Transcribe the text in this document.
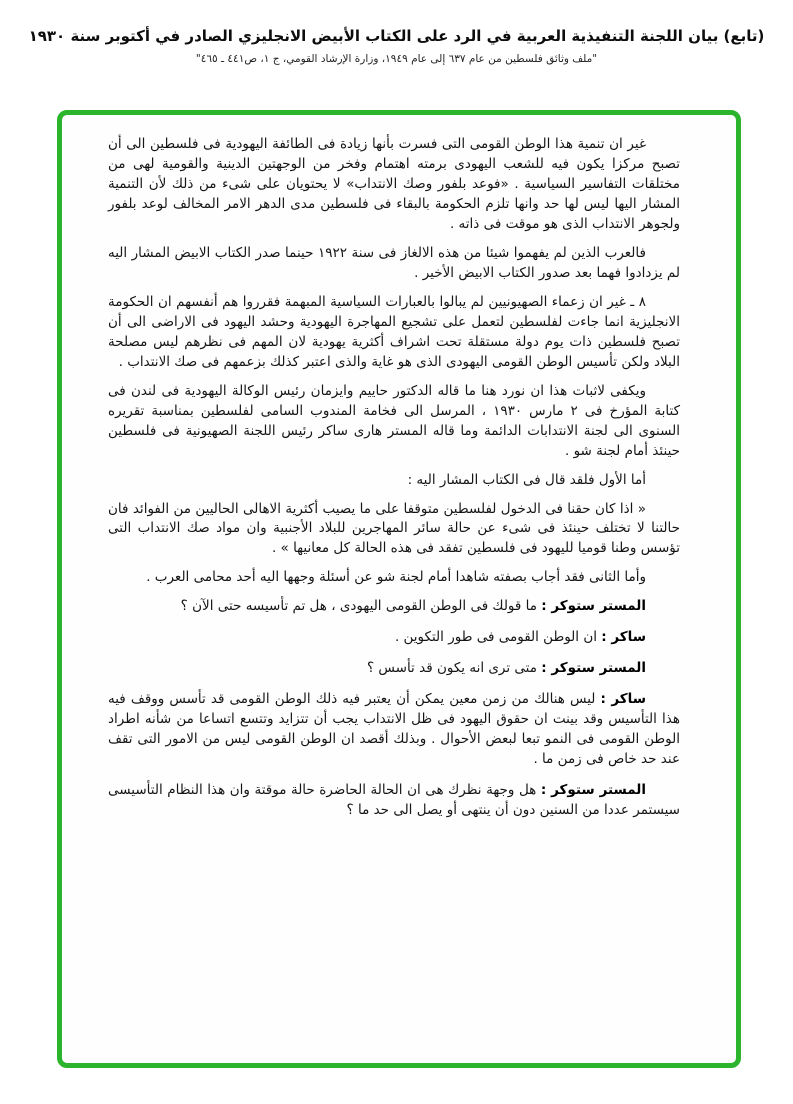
(تابع) بيان اللجنة التنفيذية العربية في الرد على الكتاب الأبيض الانجليزي الصادر في أكتوبر سنة ١٩٣٠
"ملف وثائق فلسطين من عام ٦٣٧ إلى عام ١٩٤٩، وزارة الإرشاد القومي، ج ١، ص٤٤١ ـ ٤٦٥"

غير ان تنمية هذا الوطن القومى التى فسرت بأنها زيادة فى الطائفة اليهودية فى فلسطين الى أن تصبح مركزا يكون فيه للشعب اليهودى برمته اهتمام وفخر من الوجهتين الدينية والقومية لهى من مختلقات التفاسير السياسية . «فوعد بلفور وصك الانتداب» لا يحتويان على شىء من ذلك لأن التنمية المشار اليها ليس لها حد وانها تلزم الحكومة بالبقاء فى فلسطين مدى الدهر الامر المخالف لوعد بلفور ولجوهر الانتداب الذى هو موقت فى ذاته .

فالعرب الذين لم يفهموا شيئا من هذه الالغاز فى سنة ١٩٢٢ حينما صدر الكتاب الابيض المشار اليه لم يزدادوا فهما بعد صدور الكتاب الابيض الأخير .

٨ ـ غير ان زعماء الصهيونيين لم يبالوا بالعبارات السياسية المبهمة فقرروا هم أنفسهم ان الحكومة الانجليزية انما جاءت لفلسطين لتعمل على تشجيع المهاجرة اليهودية وحشد اليهود فى الاراضى الى أن تصبح فلسطين ذات يوم دولة مستقلة تحت اشراف أكثرية يهودية لان المهم فى نظرهم ليس مصلحة البلاد ولكن تأسيس الوطن القومى اليهودى الذى هو غاية والذى اعتبر كذلك بزعمهم فى صك الانتداب .

ويكفى لاثبات هذا ان نورد هنا ما قاله الدكتور حاييم وايزمان رئيس الوكالة اليهودية فى لندن فى كتابة المؤرخ فى ٢ مارس ١٩٣٠ ، المرسل الى فخامة المندوب السامى لفلسطين بمناسبة تقريره السنوى الى لجنة الانتدابات الدائمة وما قاله المستر هارى ساكر رئيس اللجنة الصهيونية فى فلسطين حينئذ أمام لجنة شو .

أما الأول فلقد قال فى الكتاب المشار اليه :

« اذا كان حقنا فى الدخول لفلسطين متوقفا على ما يصيب أكثرية الاهالى الحاليين من الفوائد فان حالتنا لا تختلف حينئذ فى شىء عن حالة سائر المهاجرين للبلاد الأجنبية وان مواد صك الانتداب التى تؤسس وطنا قوميا لليهود فى فلسطين تفقد فى هذه الحالة كل معانيها » .

وأما الثانى فقد أجاب بصفته شاهدا أمام لجنة شو عن أسئلة وجهها اليه أحد محامى العرب .

المستر ستوكر : ما قولك فى الوطن القومى اليهودى ، هل تم تأسيسه حتى الآن ؟

ساكر : ان الوطن القومى فى طور التكوين .

المستر ستوكر : متى ترى انه يكون قد تأسس ؟

ساكر : ليس هنالك من زمن معين يمكن أن يعتبر فيه ذلك الوطن القومى قد تأسس ووقف فيه هذا التأسيس وقد بينت ان حقوق اليهود فى ظل الانتداب يجب أن تتزايد وتتسع اتساعا من شأنه اطراد الوطن القومى فى النمو تبعا لبعض الأحوال . وبذلك أقصد ان الوطن القومى ليس من الامور التى تقف عند حد خاص فى زمن ما .

المستر ستوكر : هل وجهة نظرك هى ان الحالة الحاضرة حالة موقتة وان هذا النظام التأسيسى سيستمر عددا من السنين دون أن ينتهى أو يصل الى حد ما ؟
